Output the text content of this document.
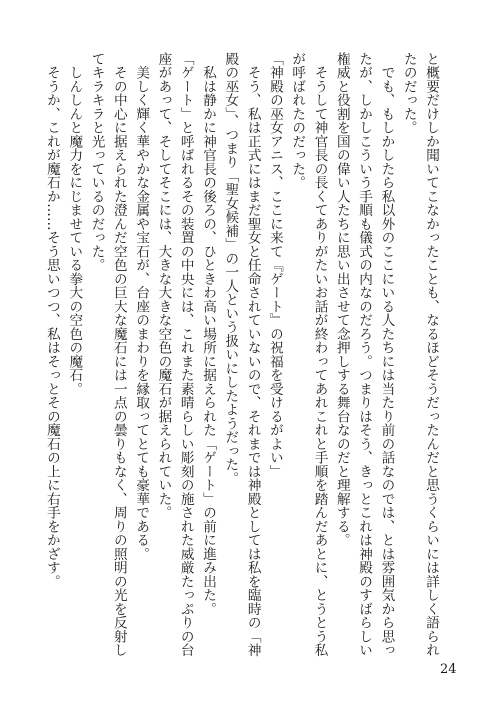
と概要だけしか聞いてこなかったことも、なるほどそうだったんだと思うくらいには詳しく語られ

たのだった。

　でも、もしかしたら私以外のここにいる人たちには当たり前の話なのでは、とは雰囲気から思っ

たが、しかしこういう手順も儀式の内なのだろう。つまりはそう、きっとこれは神殿のすばらしい

権威と役割を国の偉い人たちに思い出させて念押しする舞台なのだと理解する。

　そうして神官長の長くてありがたいお話が終わってあれこれと手順を踏んだあとに、とうとう私

が呼ばれたのだった。

「神殿の巫女アニス、ここに来て『ゲート』の祝福を受けるがよい」

　そう、私は正式にはまだ聖女と任命されていないので、それまでは神殿としては私を臨時の「神

殿の巫女」、つまり「聖女候補」の一人という扱いにしたようだった。

　私は静かに神官長の後ろの、ひときわ高い場所に据えられた「ゲート」の前に進み出た。

「ゲート」と呼ばれるその装置の中央には、これまた素晴らしい彫刻の施された威厳たっぷりの台

座があって、そしてそこには、大きな大きな空色の魔石が据えられていた。

　美しく輝く華やかな金属や宝石が、台座のまわりを縁取ってとても豪華である。

　その中心に据えられた澄んだ空色の巨大な魔石には一点の曇りもなく、周りの照明の光を反射し

てキラキラと光っているのだった。

　しんしんと魔力をにじませている拳大の空色の魔石。

　そうか、これが魔石か……そう思いつつ、私はそっとその魔石の上に右手をかざす。

24
